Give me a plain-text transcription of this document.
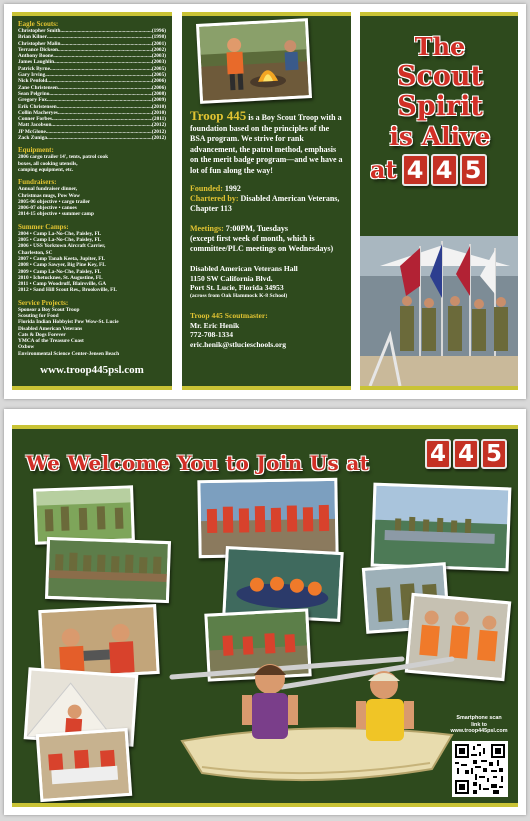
Eagle Scouts:
Christopher Smith .....	(1996)
Brian Kilner .....	(1998)
Christopher Malin .....	(2001)
Terrance Dickson .....	(2002)
Anthony Boone .....	(2003)
James Laughlin .....	(2003)
Patrick Byrne .....	(2005)
Gary Irving .....	(2005)
Nick Penfold .....	(2006)
Zane Christensen .....	(2006)
Sean Pelgrino .....	(2008)
Gregory Fox .....	(2009)
Erik Christensen .....	(2010)
Collin Macheryes .....	(2010)
Conner Forbes .....	(2011)
Matt Jacobson .....	(2012)
JP McGlone .....	(2012)
Zack Zuniga .....	(2012)
Equipment:
2006 cargo trailer 14', tents, patrol cook
boxes, all cooking utensils,
camping equipment, etc.
Fundraisers:
Annual fundraiser dinner,
Christmas mugs, Pow Wow
2005-06 objective • cargo trailer
2006-07 objective • canoes
2014-15 objective • summer camp
Summer Camps:
2004 • Camp La-No-Che, Paisley, FL
2005 • Camp La-No-Che, Paisley, FL
2006 • USS Yorktown Aircraft Carrier,
Charleston, SC
2007 • Camp Tanah Keeta, Jupiter, FL
2008 • Camp Sawyer, Big Pine Key, FL
2009 • Camp La-No-Che, Paisley, FL
2010 • Ichetucknee, St. Augustine, FL
2011 • Camp Woodruff, Blairsville, GA
2012 • Sand Hill Scout Res., Brooksville, FL
Service Projects:
Sponsor a Boy Scout Troop
Scouting for Food
Florida Indian Hobbyist Pow Wow-St. Lucie
Disabled American Veterans
Cats & Dogs Forever
YMCA of the Treasure Coast
Oxbow
Environmental Science Center-Jensen Beach
www.troop445psl.com
Troop 445 is a Boy Scout Troop with a foundation based on the principles of the BSA program. We strive for rank advancement, the patrol method, emphasis on the merit badge program—and we have a lot of fun along the way!
Founded: 1992
Chartered by: Disabled American Veterans, Chapter 113
Meetings: 7:00PM, Tuesdays
(except first week of month, which is committee/PLC meetings on Wednesdays)
Disabled American Veterans Hall
1150 SW California Blvd.
Port St. Lucie, Florida 34953
(across from Oak Hammock K-8 School)
Troop 445 Scoutmaster:
Mr. Eric Henik
772-708-1334
eric.henik@stlucieschools.org
The
Scout
Spirit
is Alive
at 4 4 5
We Welcome You to Join Us at	4 4 5
Smartphone scan
link to
www.troop445psl.com
